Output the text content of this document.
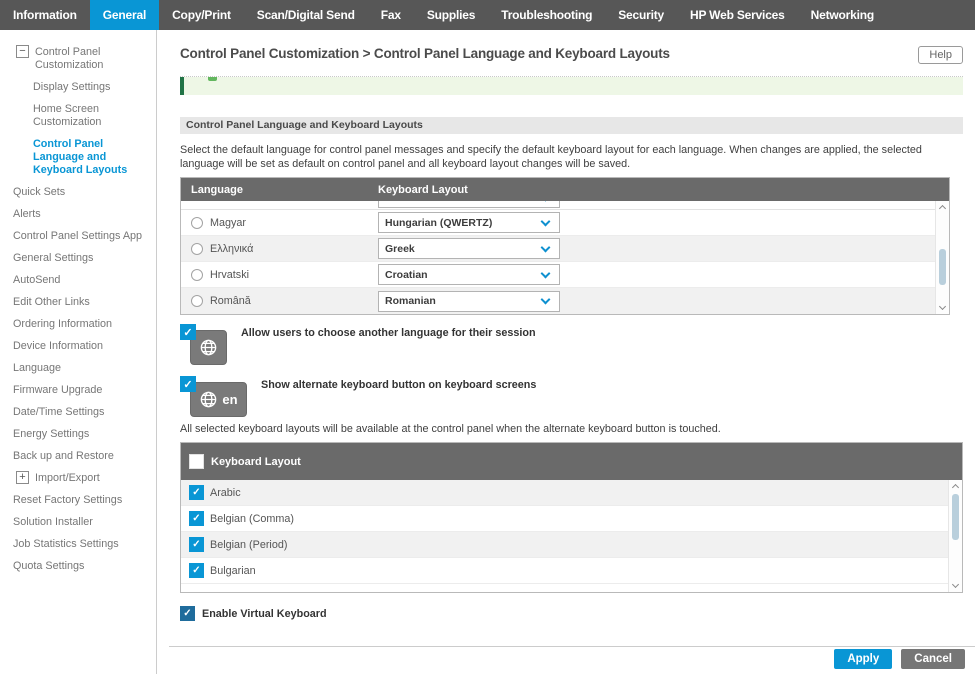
Information	General	Copy/Print	Scan/Digital Send	Fax	Supplies	Troubleshooting	Security	HP Web Services	Networking
− Control Panel Customization
Display Settings
Home Screen Customization
Control Panel Language and Keyboard Layouts
Quick Sets
Alerts
Control Panel Settings App
General Settings
AutoSend
Edit Other Links
Ordering Information
Device Information
Language
Firmware Upgrade
Date/Time Settings
Energy Settings
Back up and Restore
+ Import/Export
Reset Factory Settings
Solution Installer
Job Statistics Settings
Quota Settings
Control Panel Customization > Control Panel Language and Keyboard Layouts	Help
Control Panel Language and Keyboard Layouts
Select the default language for control panel messages and specify the default keyboard layout for each language. When changes are applied, the selected language will be set as default on control panel and all keyboard layout changes will be saved.
Language	Keyboard Layout
Magyar	Hungarian (QWERTZ)
Ελληνικά	Greek
Hrvatski	Croatian
Română	Romanian
✓	Allow users to choose another language for their session
✓
en
Show alternate keyboard button on keyboard screens
All selected keyboard layouts will be available at the control panel when the alternate keyboard button is touched.
Keyboard Layout
✓ Arabic
✓ Belgian (Comma)
✓ Belgian (Period)
✓ Bulgarian
✓ Enable Virtual Keyboard
Apply	Cancel
